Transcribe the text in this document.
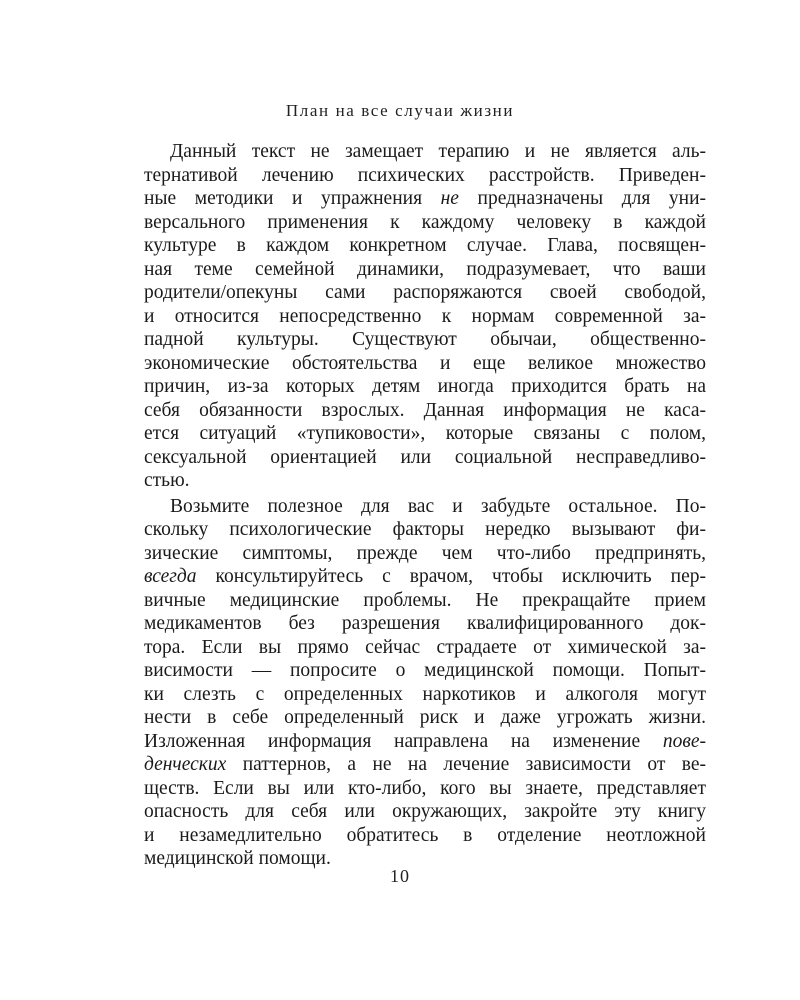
План на все случаи жизни
Данный текст не замещает терапию и не является аль-
тернативой лечению психических расстройств. Приведен-
ные методики и упражнения не предназначены для уни-
версального применения к каждому человеку в каждой
культуре в каждом конкретном случае. Глава, посвящен-
ная теме семейной динамики, подразумевает, что ваши
родители/опекуны сами распоряжаются своей свободой,
и относится непосредственно к нормам современной за-
падной культуры. Существуют обычаи, общественно-
экономические обстоятельства и еще великое множество
причин, из-за которых детям иногда приходится брать на
себя обязанности взрослых. Данная информация не каса-
ется ситуаций «тупиковости», которые связаны с полом,
сексуальной ориентацией или социальной несправедливо-
стью.
Возьмите полезное для вас и забудьте остальное. По-
скольку психологические факторы нередко вызывают фи-
зические симптомы, прежде чем что-либо предпринять,
всегда консультируйтесь с врачом, чтобы исключить пер-
вичные медицинские проблемы. Не прекращайте прием
медикаментов без разрешения квалифицированного док-
тора. Если вы прямо сейчас страдаете от химической за-
висимости — попросите о медицинской помощи. Попыт-
ки слезть с определенных наркотиков и алкоголя могут
нести в себе определенный риск и даже угрожать жизни.
Изложенная информация направлена на изменение пове-
денческих паттернов, а не на лечение зависимости от ве-
ществ. Если вы или кто-либо, кого вы знаете, представляет
опасность для себя или окружающих, закройте эту книгу
и незамедлительно обратитесь в отделение неотложной
медицинской помощи.
10
